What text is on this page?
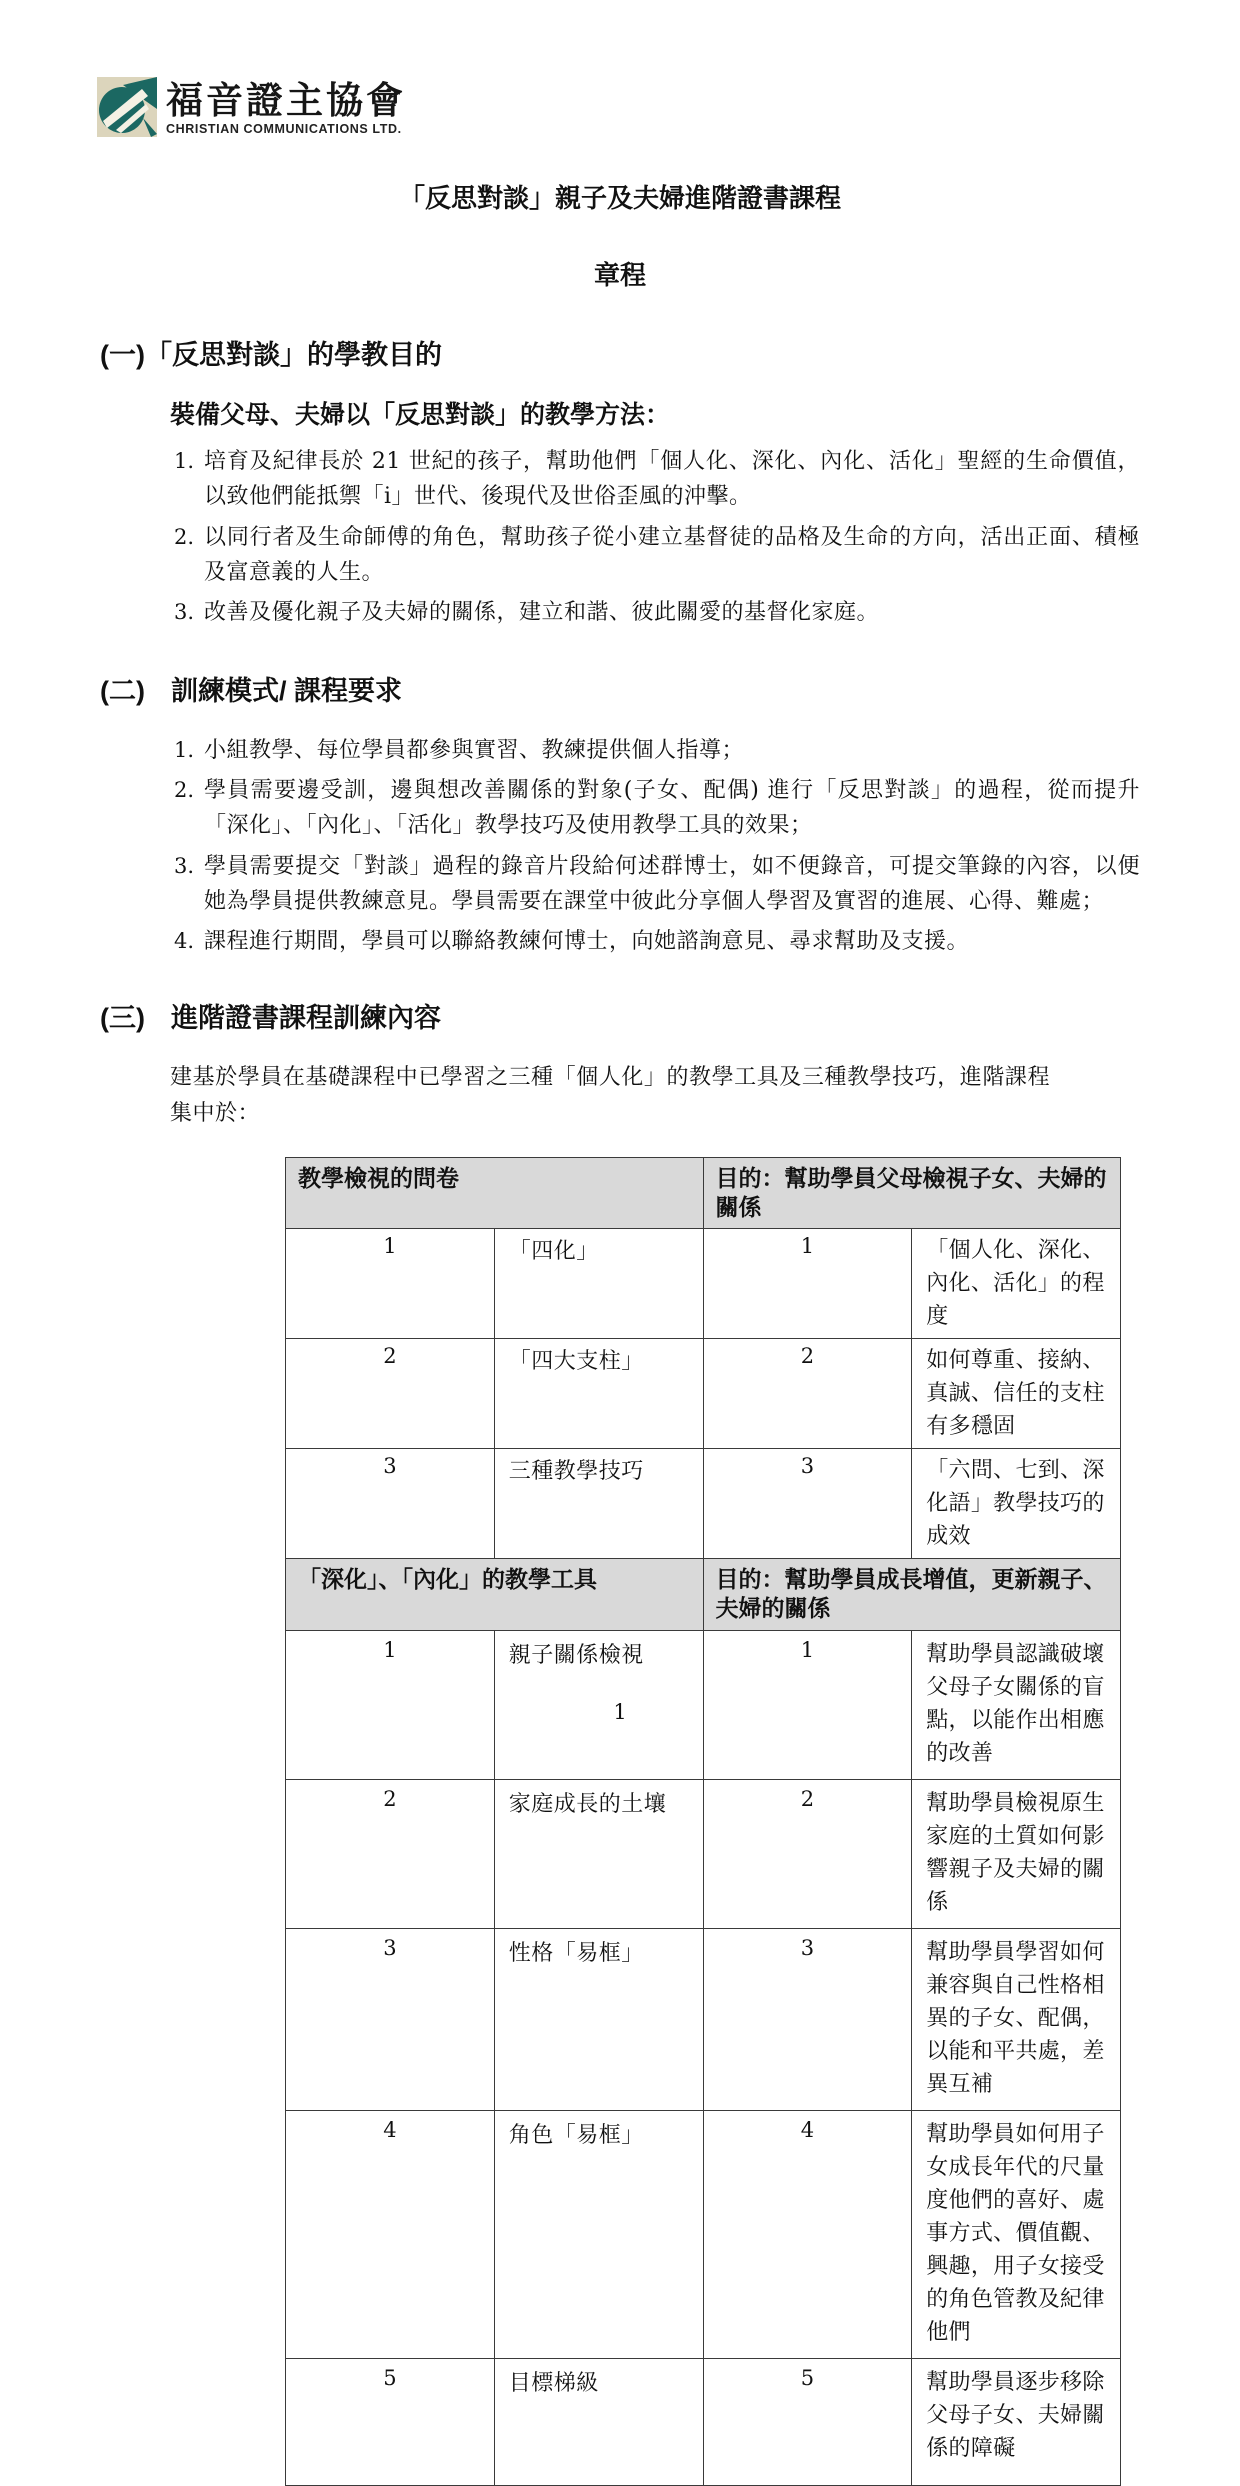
福音證主協會
CHRISTIAN COMMUNICATIONS LTD.
「反思對談」親子及夫婦進階證書課程
章程
(一) 「反思對談」的學教目的
裝備父母、夫婦以「反思對談」的教學方法：
1. 培育及紀律長於 21 世紀的孩子，幫助他們「個人化、深化、內化、活化」聖經的生命價值，以致他們能抵禦「i」世代、後現代及世俗歪風的沖擊。
2. 以同行者及生命師傅的角色，幫助孩子從小建立基督徒的品格及生命的方向，活出正面、積極及富意義的人生。
3. 改善及優化親子及夫婦的關係，建立和諧、彼此關愛的基督化家庭。
(二) 訓練模式/ 課程要求
1. 小組教學、每位學員都參與實習、教練提供個人指導；
2. 學員需要邊受訓，邊與想改善關係的對象(子女、配偶) 進行「反思對談」的過程，從而提升「深化」、「內化」、「活化」教學技巧及使用教學工具的效果；
3. 學員需要提交「對談」過程的錄音片段給何述群博士，如不便錄音，可提交筆錄的內容，以便她為學員提供教練意見。學員需要在課堂中彼此分享個人學習及實習的進展、心得、難處；
4. 課程進行期間，學員可以聯絡教練何博士，向她諮詢意見、尋求幫助及支援。
(三) 進階證書課程訓練內容
建基於學員在基礎課程中已學習之三種「個人化」的教學工具及三種教學技巧，進階課程集中於：
教學檢視的問卷		目的：幫助學員父母檢視子女、夫婦的關係	
1	「四化」	1	「個人化、深化、內化、活化」的程度
2	「四大支柱」	2	如何尊重、接納、真誠、信任的支柱有多穩固
3	三種教學技巧	3	「六問、七到、深化語」教學技巧的成效
「深化」、「內化」的教學工具		目的：幫助學員成長增值，更新親子、夫婦的關係	
1	親子關係檢視	1	幫助學員認識破壞父母子女關係的盲點，以能作出相應的改善
2	家庭成長的土壤	2	幫助學員檢視原生家庭的土質如何影響親子及夫婦的關係
3	性格「易框」	3	幫助學員學習如何兼容與自己性格相異的子女、配偶，以能和平共處，差異互補
4	角色「易框」	4	幫助學員如何用子女成長年代的尺量度他們的喜好、處事方式、價值觀、興趣，用子女接受的角色管教及紀律他們
5	目標梯級	5	幫助學員逐步移除父母子女、夫婦關係的障礙
1
